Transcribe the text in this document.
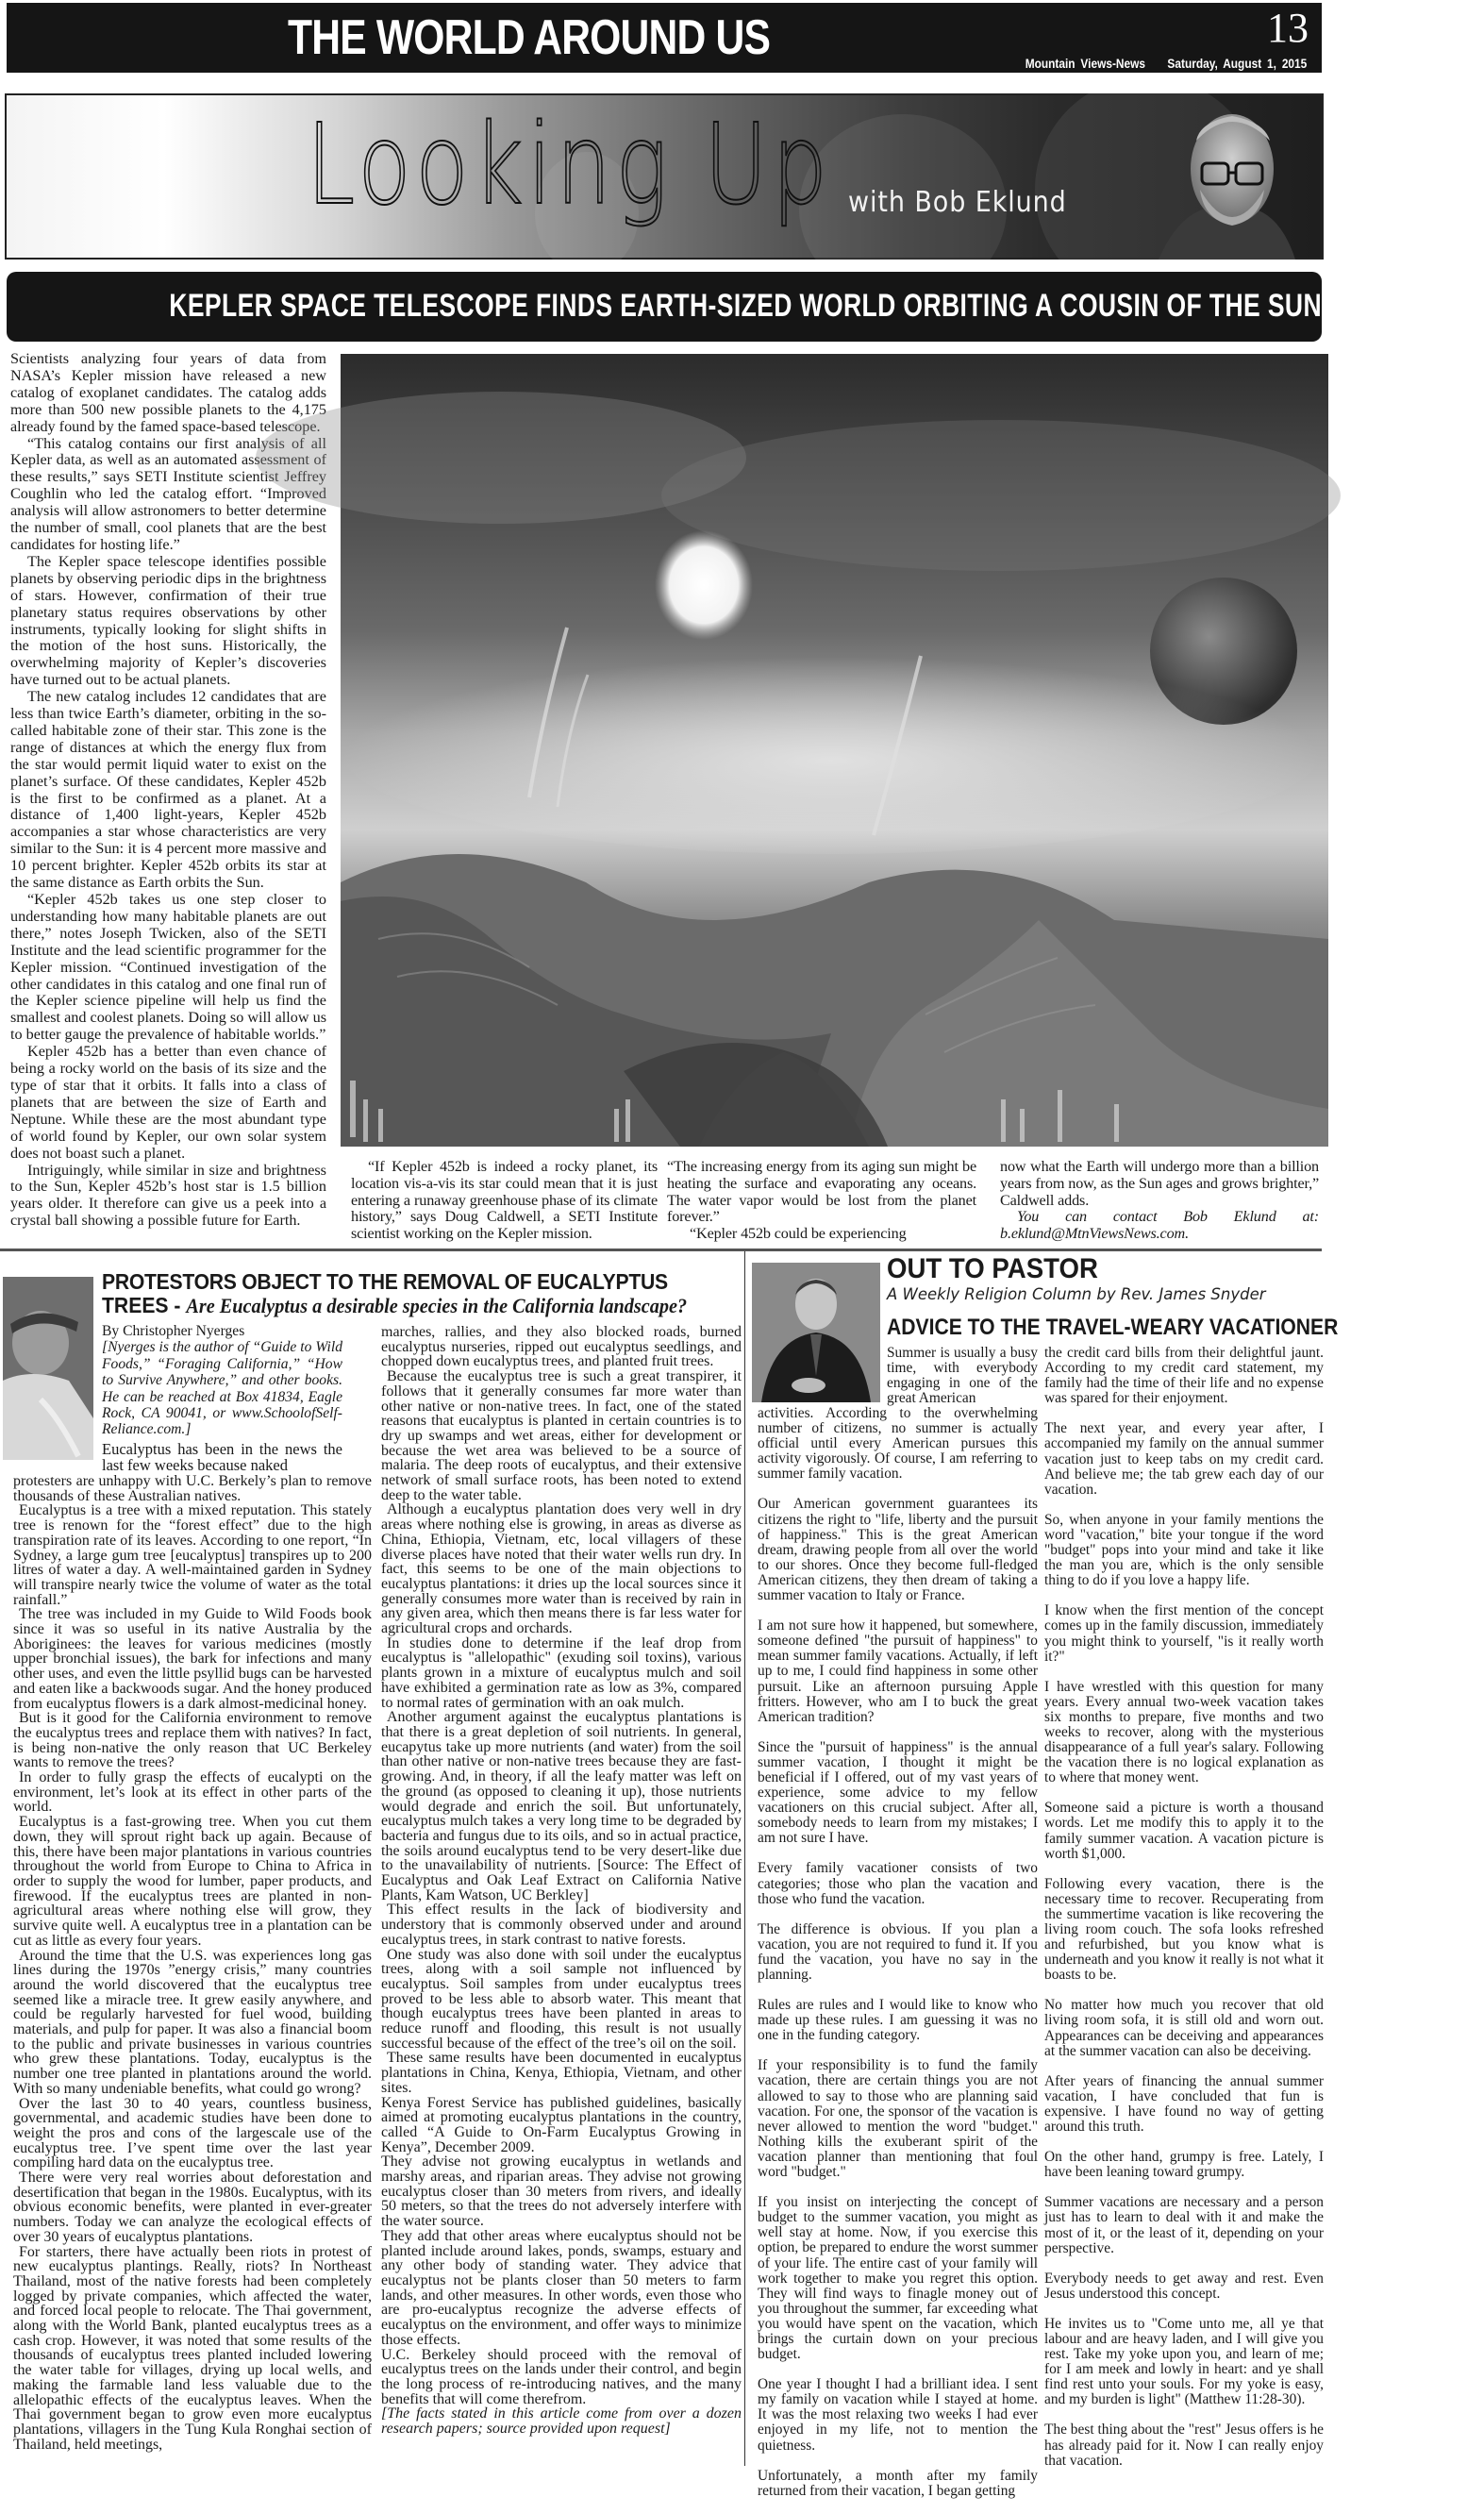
THE WORLD AROUND US	13
Mountain Views-News Saturday, August 1, 2015
Looking Up with Bob Eklund
KEPLER SPACE TELESCOPE FINDS EARTH-SIZED WORLD ORBITING A COUSIN OF THE SUN

Scientists analyzing four years of data from NASA’s Kepler mission have released a new catalog of exoplanet candidates. The catalog adds more than 500 new possible planets to the 4,175 already found by the famed space-based telescope.

“This catalog contains our first analysis of all Kepler data, as well as an automated assessment of these results,” says SETI Institute scientist Jeffrey Coughlin who led the catalog effort. “Improved analysis will allow astronomers to better determine the number of small, cool planets that are the best candidates for hosting life.”

The Kepler space telescope identifies possible planets by observing periodic dips in the brightness of stars. However, confirmation of their true planetary status requires observations by other instruments, typically looking for slight shifts in the motion of the host suns. Historically, the overwhelming majority of Kepler’s discoveries have turned out to be actual planets.

The new catalog includes 12 candidates that are less than twice Earth’s diameter, orbiting in the so-called habitable zone of their star. This zone is the range of distances at which the energy flux from the star would permit liquid water to exist on the planet’s surface. Of these candidates, Kepler 452b is the first to be confirmed as a planet. At a distance of 1,400 light-years, Kepler 452b accompanies a star whose characteristics are very similar to the Sun: it is 4 percent more massive and 10 percent brighter. Kepler 452b orbits its star at the same distance as Earth orbits the Sun.

“Kepler 452b takes us one step closer to understanding how many habitable planets are out there,” notes Joseph Twicken, also of the SETI Institute and the lead scientific programmer for the Kepler mission. “Continued investigation of the other candidates in this catalog and one final run of the Kepler science pipeline will help us find the smallest and coolest planets. Doing so will allow us to better gauge the prevalence of habitable worlds.”

Kepler 452b has a better than even chance of being a rocky world on the basis of its size and the type of star that it orbits. It falls into a class of planets that are between the size of Earth and Neptune. While these are the most abundant type of world found by Kepler, our own solar system does not boast such a planet.

Intriguingly, while similar in size and brightness to the Sun, Kepler 452b’s host star is 1.5 billion years older. It therefore can give us a peek into a crystal ball showing a possible future for Earth.

“If Kepler 452b is indeed a rocky planet, its location vis-a-vis its star could mean that it is just entering a runaway greenhouse phase of its climate history,” says Doug Caldwell, a SETI Institute scientist working on the Kepler mission.

“The increasing energy from its aging sun might be heating the surface and evaporating any oceans. The water vapor would be lost from the planet forever.”

“Kepler 452b could be experiencing

now what the Earth will undergo more than a billion years from now, as the Sun ages and grows brighter,” Caldwell adds.

You can contact Bob Eklund at: b.eklund@MtnViewsNews.com.

PROTESTORS OBJECT TO THE REMOVAL OF EUCALYPTUS
TREES - Are Eucalyptus a desirable species in the California landscape?
By Christopher Nyerges
[Nyerges is the author of “Guide to Wild Foods,” “Foraging California,” “How to Survive Anywhere,” and other books. He can be reached at Box 41834, Eagle Rock, CA 90041, or www.SchoolofSelf-Reliance.com.]
Eucalyptus has been in the news the last few weeks because naked

protesters are unhappy with U.C. Berkely’s plan to remove thousands of these Australian natives.

Eucalyptus is a tree with a mixed reputation. This stately tree is renown for the “forest effect” due to the high transpiration rate of its leaves. According to one report, “In Sydney, a large gum tree [eucalyptus] transpires up to 200 litres of water a day. A well-maintained garden in Sydney will transpire nearly twice the volume of water as the total rainfall.”

The tree was included in my Guide to Wild Foods book since it was so useful in its native Australia by the Aboriginees: the leaves for various medicines (mostly upper bronchial issues), the bark for infections and many other uses, and even the little psyllid bugs can be harvested and eaten like a backwoods sugar. And the honey produced from eucalyptus flowers is a dark almost-medicinal honey.

But is it good for the California environment to remove the eucalyptus trees and replace them with natives? In fact, is being non-native the only reason that UC Berkeley wants to remove the trees?

In order to fully grasp the effects of eucalypti on the environment, let’s look at its effect in other parts of the world.

Eucalyptus is a fast-growing tree. When you cut them down, they will sprout right back up again. Because of this, there have been major plantations in various countries throughout the world from Europe to China to Africa in order to supply the wood for lumber, paper products, and firewood. If the eucalyptus trees are planted in non-agricultural areas where nothing else will grow, they survive quite well. A eucalyptus tree in a plantation can be cut as little as every four years.

Around the time that the U.S. was experiences long gas lines during the 1970s ”energy crisis,” many countries around the world discovered that the eucalyptus tree seemed like a miracle tree. It grew easily anywhere, and could be regularly harvested for fuel wood, building materials, and pulp for paper. It was also a financial boom to the public and private businesses in various countries who grew these plantations. Today, eucalyptus is the number one tree planted in plantations around the world. With so many undeniable benefits, what could go wrong?

Over the last 30 to 40 years, countless business, governmental, and academic studies have been done to weight the pros and cons of the largescale use of the eucalyptus tree. I’ve spent time over the last year compiling hard data on the eucalyptus tree.

There were very real worries about deforestation and desertification that began in the 1980s. Eucalyptus, with its obvious economic benefits, were planted in ever-greater numbers. Today we can analyze the ecological effects of over 30 years of eucalyptus plantations.

For starters, there have actually been riots in protest of new eucalyptus plantings. Really, riots? In Northeast Thailand, most of the native forests had been completely logged by private companies, which affected the water, and forced local people to relocate. The Thai government, along with the World Bank, planted eucalyptus trees as a cash crop. However, it was noted that some results of the thousands of eucalyptus trees planted included lowering the water table for villages, drying up local wells, and making the farmable land less valuable due to the allelopathic effects of the eucalyptus leaves. When the Thai government began to grow even more eucalyptus plantations, villagers in the Tung Kula Ronghai section of Thailand, held meetings,

marches, rallies, and they also blocked roads, burned eucalyptus nurseries, ripped out eucalyptus seedlings, and chopped down eucalyptus trees, and planted fruit trees.

Because the eucalyptus tree is such a great transpirer, it follows that it generally consumes far more water than other native or non-native trees. In fact, one of the stated reasons that eucalyptus is planted in certain countries is to dry up swamps and wet areas, either for development or because the wet area was believed to be a source of malaria. The deep roots of eucalyptus, and their extensive network of small surface roots, has been noted to extend deep to the water table.

Although a eucalyptus plantation does very well in dry areas where nothing else is growing, in areas as diverse as China, Ethiopia, Vietnam, etc, local villagers of these diverse places have noted that their water wells run dry. In fact, this seems to be one of the main objections to eucalyptus plantations: it dries up the local sources since it generally consumes more water than is received by rain in any given area, which then means there is far less water for agricultural crops and orchards.

In studies done to determine if the leaf drop from eucalyptus is "allelopathic" (exuding soil toxins), various plants grown in a mixture of eucalyptus mulch and soil have exhibited a germination rate as low as 3%, compared to normal rates of germination with an oak mulch.

Another argument against the eucalyptus plantations is that there is a great depletion of soil nutrients. In general, eucapytus take up more nutrients (and water) from the soil than other native or non-native trees because they are fast-growing. And, in theory, if all the leafy matter was left on the ground (as opposed to cleaning it up), those nutrients would degrade and enrich the soil. But unfortunately, eucalyptus mulch takes a very long time to be degraded by bacteria and fungus due to its oils, and so in actual practice, the soils around eucalyptus tend to be very desert-like due to the unavailability of nutrients. [Source: The Effect of Eucalyptus and Oak Leaf Extract on California Native Plants, Kam Watson, UC Berkley]

This effect results in the lack of biodiversity and understory that is commonly observed under and around eucalyptus trees, in stark contrast to native forests.

One study was also done with soil under the eucalyptus trees, along with a soil sample not influenced by eucalyptus. Soil samples from under eucalyptus trees proved to be less able to absorb water. This meant that though eucalyptus trees have been planted in areas to reduce runoff and flooding, this result is not usually successful because of the effect of the tree’s oil on the soil.

These same results have been documented in eucalyptus plantations in China, Kenya, Ethiopia, Vietnam, and other sites.

Kenya Forest Service has published guidelines, basically aimed at promoting eucalyptus plantations in the country, called “A Guide to On-Farm Eucalyptus Growing in Kenya”, December 2009.

They advise not growing eucalyptus in wetlands and marshy areas, and riparian areas. They advise not growing eucalyptus closer than 30 meters from rivers, and ideally 50 meters, so that the trees do not adversely interfere with the water source.

They add that other areas where eucalyptus should not be planted include around lakes, ponds, swamps, estuary and any other body of standing water. They advice that eucalyptus not be plants closer than 50 meters to farm lands, and other measures. In other words, even those who are pro-eucalyptus recognize the adverse effects of eucalyptus on the environment, and offer ways to minimize those effects.

U.C. Berkeley should proceed with the removal of eucalyptus trees on the lands under their control, and begin the long process of re-introducing natives, and the many benefits that will come therefrom.

[The facts stated in this article come from over a dozen research papers; source provided upon request]

OUT TO PASTOR
A Weekly Religion Column by Rev. James Snyder
ADVICE TO THE TRAVEL-WEARY VACATIONER

Summer is usually a busy time, with everybody engaging in one of the great American

activities. According to the overwhelming number of citizens, no summer is actually official until every American pursues this activity vigorously. Of course, I am referring to summer family vacation.

Our American government guarantees its citizens the right to "life, liberty and the pursuit of happiness." This is the great American dream, drawing people from all over the world to our shores. Once they become full-fledged American citizens, they then dream of taking a summer vacation to Italy or France.

I am not sure how it happened, but somewhere, someone defined "the pursuit of happiness" to mean summer family vacations. Actually, if left up to me, I could find happiness in some other pursuit. Like an afternoon pursuing Apple fritters. However, who am I to buck the great American tradition?

Since the "pursuit of happiness" is the annual summer vacation, I thought it might be beneficial if I offered, out of my vast years of experience, some advice to my fellow vacationers on this crucial subject. After all, somebody needs to learn from my mistakes; I am not sure I have.

Every family vacationer consists of two categories; those who plan the vacation and those who fund the vacation.

The difference is obvious. If you plan a vacation, you are not required to fund it. If you fund the vacation, you have no say in the planning.

Rules are rules and I would like to know who made up these rules. I am guessing it was no one in the funding category.

If your responsibility is to fund the family vacation, there are certain things you are not allowed to say to those who are planning said vacation. For one, the sponsor of the vacation is never allowed to mention the word "budget." Nothing kills the exuberant spirit of the vacation planner than mentioning that foul word "budget."

If you insist on interjecting the concept of budget to the summer vacation, you might as well stay at home. Now, if you exercise this option, be prepared to endure the worst summer of your life. The entire cast of your family will work together to make you regret this option. They will find ways to finagle money out of you throughout the summer, far exceeding what you would have spent on the vacation, which brings the curtain down on your precious budget.

One year I thought I had a brilliant idea. I sent my family on vacation while I stayed at home. It was the most relaxing two weeks I had ever enjoyed in my life, not to mention the quietness.

Unfortunately, a month after my family returned from their vacation, I began getting

the credit card bills from their delightful jaunt. According to my credit card statement, my family had the time of their life and no expense was spared for their enjoyment.

The next year, and every year after, I accompanied my family on the annual summer vacation just to keep tabs on my credit card. And believe me; the tab grew each day of our vacation.

So, when anyone in your family mentions the word "vacation," bite your tongue if the word "budget" pops into your mind and take it like the man you are, which is the only sensible thing to do if you love a happy life.

I know when the first mention of the concept comes up in the family discussion, immediately you might think to yourself, "is it really worth it?"

I have wrestled with this question for many years. Every annual two-week vacation takes six months to prepare, five months and two weeks to recover, along with the mysterious disappearance of a full year's salary. Following the vacation there is no logical explanation as to where that money went.

Someone said a picture is worth a thousand words. Let me modify this to apply it to the family summer vacation. A vacation picture is worth $1,000.

Following every vacation, there is the necessary time to recover. Recuperating from the summertime vacation is like recovering the living room couch. The sofa looks refreshed and refurbished, but you know what is underneath and you know it really is not what it boasts to be.

No matter how much you recover that old living room sofa, it is still old and worn out. Appearances can be deceiving and appearances at the summer vacation can also be deceiving.

After years of financing the annual summer vacation, I have concluded that fun is expensive. I have found no way of getting around this truth.

On the other hand, grumpy is free. Lately, I have been leaning toward grumpy.

Summer vacations are necessary and a person just has to learn to deal with it and make the most of it, or the least of it, depending on your perspective.

Everybody needs to get away and rest. Even Jesus understood this concept.

He invites us to "Come unto me, all ye that labour and are heavy laden, and I will give you rest. Take my yoke upon you, and learn of me; for I am meek and lowly in heart: and ye shall find rest unto your souls. For my yoke is easy, and my burden is light" (Matthew 11:28-30).

The best thing about the "rest" Jesus offers is he has already paid for it. Now I can really enjoy that vacation.
